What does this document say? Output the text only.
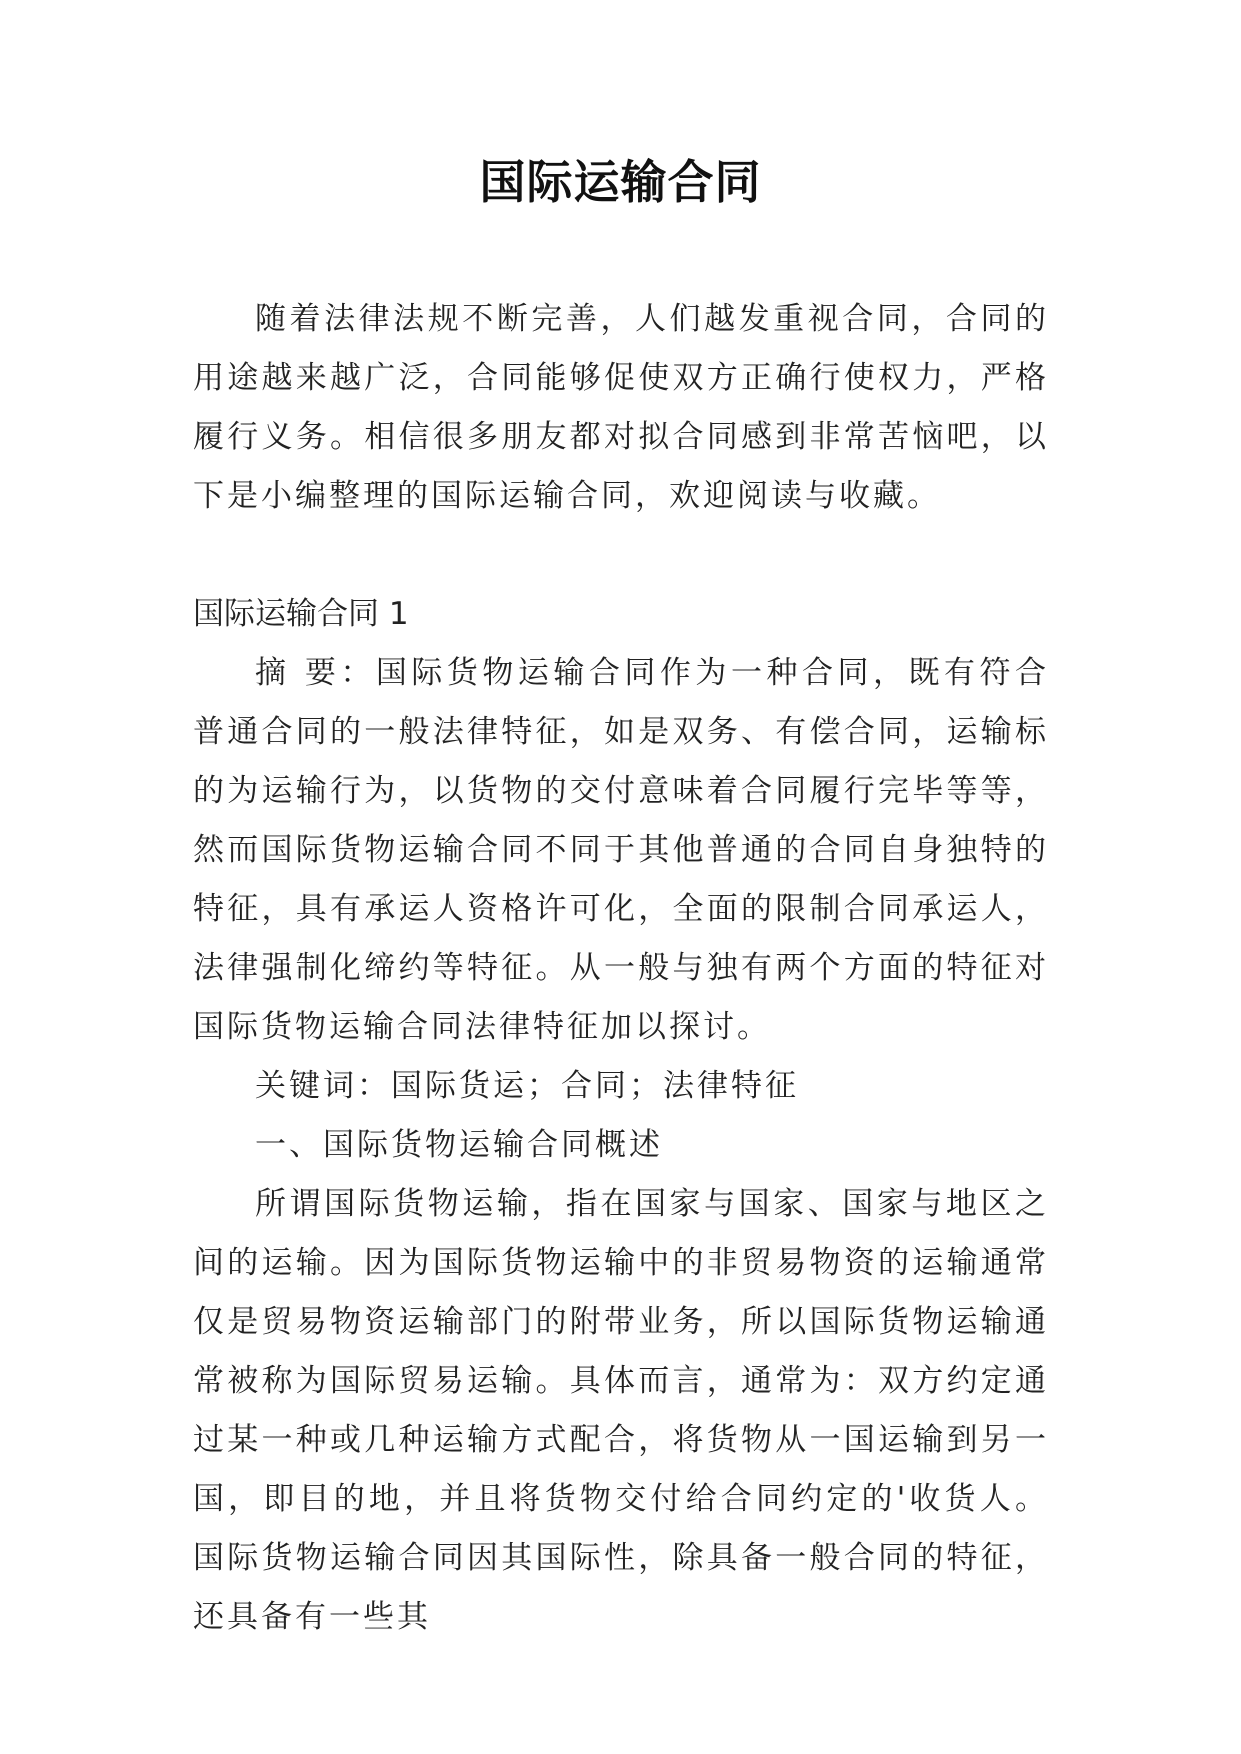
国际运输合同

随着法律法规不断完善，人们越发重视合同，合同的用途越来越广泛，合同能够促使双方正确行使权力，严格履行义务。相信很多朋友都对拟合同感到非常苦恼吧，以下是小编整理的国际运输合同，欢迎阅读与收藏。

国际运输合同 1

摘 要：国际货物运输合同作为一种合同，既有符合普通合同的一般法律特征，如是双务、有偿合同，运输标的为运输行为，以货物的交付意味着合同履行完毕等等，然而国际货物运输合同不同于其他普通的合同自身独特的特征，具有承运人资格许可化，全面的限制合同承运人，法律强制化缔约等特征。从一般与独有两个方面的特征对国际货物运输合同法律特征加以探讨。

关键词：国际货运；合同；法律特征

一、国际货物运输合同概述

所谓国际货物运输，指在国家与国家、国家与地区之间的运输。因为国际货物运输中的非贸易物资的运输通常仅是贸易物资运输部门的附带业务，所以国际货物运输通常被称为国际贸易运输。具体而言，通常为：双方约定通过某一种或几种运输方式配合，将货物从一国运输到另一国，即目的地，并且将货物交付给合同约定的'收货人。国际货物运输合同因其国际性，除具备一般合同的特征，还具备有一些其
